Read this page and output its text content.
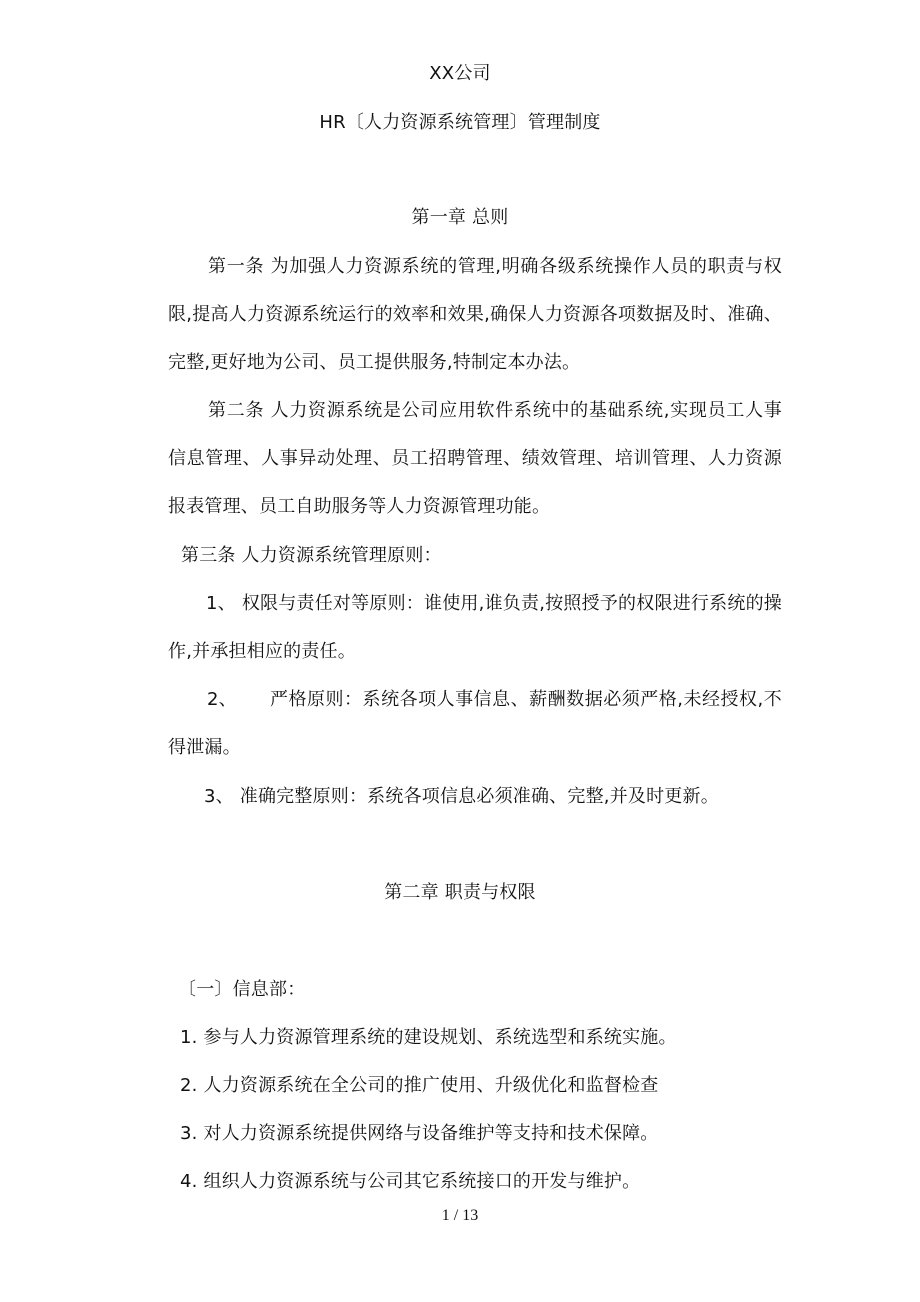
XX公司
HR〔人力资源系统管理〕管理制度
第一章 总则
第一条 为加强人力资源系统的管理,明确各级系统操作人员的职责与权
限,提高人力资源系统运行的效率和效果,确保人力资源各项数据及时、准确、
完整,更好地为公司、员工提供服务,特制定本办法。
第二条 人力资源系统是公司应用软件系统中的基础系统,实现员工人事
信息管理、人事异动处理、员工招聘管理、绩效管理、培训管理、人力资源
报表管理、员工自助服务等人力资源管理功能。
第三条 人力资源系统管理原则：
1、 权限与责任对等原则：谁使用,谁负责,按照授予的权限进行系统的操
作,并承担相应的责任。
2、 严格原则：系统各项人事信息、薪酬数据必须严格,未经授权,不
得泄漏。
3、 准确完整原则：系统各项信息必须准确、完整,并及时更新。
第二章 职责与权限
〔一〕信息部：
1. 参与人力资源管理系统的建设规划、系统选型和系统实施。
2. 人力资源系统在全公司的推广使用、升级优化和监督检查
3. 对人力资源系统提供网络与设备维护等支持和技术保障。
4. 组织人力资源系统与公司其它系统接口的开发与维护。
1 / 13
